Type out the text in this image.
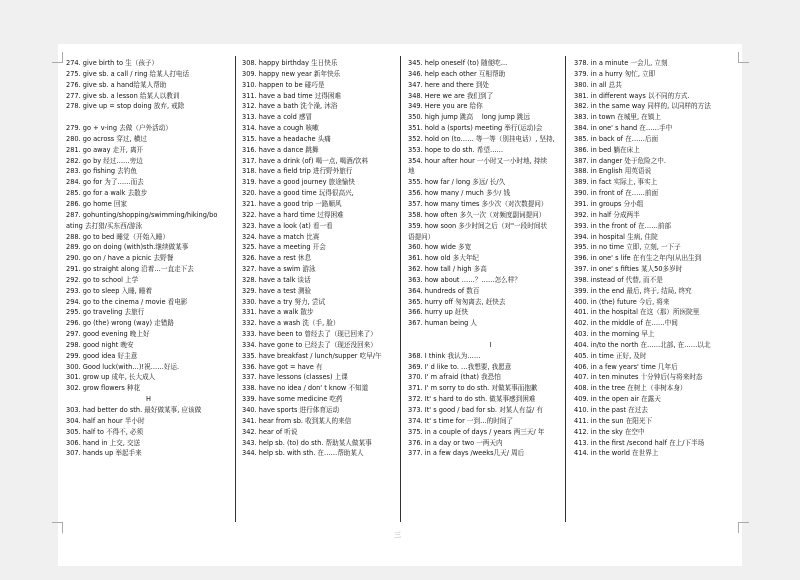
274. give birth to 生（孩子）
275. give sb. a call / ring 给某人打电话
276. give sb. a hand给某人帮助
277. give sb. a lesson 给某人以教训
278. give up = stop doing 放弃, 戒除
279. go + v-ing 去做（户外活动）
280. go across 穿过, 横过
281. go away 走开, 离开
282. go by 经过……旁边
283. go fishing 去钓鱼
284. go for 为了……而去
285. go for a walk 去散步
286. go home 回家
287. gohunting/shopping/swimming/hiking/bo
ating 去打猎/买东西/游泳
288. go to bed 睡觉（开始入睡）
289. go on doing (with)sth.继续做某事
290. go on / have a picnic 去野餐
291. go straight along 沿着…一直走下去
292. go to school 上学
293. go to sleep 入睡, 睡着
294. go to the cinema / movie 看电影
295. go traveling 去旅行
296. go (the) wrong (way) 走错路
297. good evening 晚上好
298. good night 晚安
299. good idea 好主意
300. Good luck(with…)!祝……好运.
301. grow up 成年, 长大成人
302. grow flowers 种花
H
303. had better do sth. 最好做某事, 应该做
304. half an hour 半小时
305. half to 不得不, 必须
306. hand in 上交, 交送
307. hands up 举起手来
308. happy birthday 生日快乐
309. happy new year 新年快乐
310. happen to be 碰巧是
311. have a bad time 过得困难
312. have a bath 洗个澡, 沐浴
313. have a cold 感冒
314. have a cough 咳嗽
315. have a headache 头痛
316. have a dance 跳舞
317. have a drink (of) 喝一点, 喝酒/饮料
318. have a field trip 进行野外旅行
319. have a good journey 旅途愉快
320. have a good time 玩得很高兴,
321. have a good trip 一路顺风
322. have a hard time 过得困难
323. have a look (at) 看一看
324. have a match 比赛
325. have a meeting 开会
326. have a rest 休息
327. have a swim 游泳
328. have a talk 谈话
329. have a test 测验
330. have a try 努力, 尝试
331. have a walk 散步
332. have a wash 洗（手, 脸）
333. have been to 曾经去了（现已回来了）
334. have gone to 已经去了（现还没回来）
335. have breakfast / lunch/supper 吃早/午
336. have got = have 有
337. have lessons (classes) 上课
338. have no idea / don' t know 不知道
339. have some medicine 吃药
340. have sports 进行体育运动
341. hear from sb. 收到某人的来信
342. hear of 听说
343. help sb. (to) do sth. 帮助某人做某事
344. help sb. with sth. 在……帮助某人
345. help oneself (to) 随便吃…
346. help each other 互相帮助
347. here and there 到处
348. Here we are 我们到了
349. Here you are 给你
350. high jump 跳高　 long jump 跳远
351. hold a (sports) meeting 举行(运动)会
352. hold on (to…… 等一等（别挂电话）, 坚持,
353. hope to do sth. 希望……
354. hour after hour 一小时又一小时地, 持续
地
355. how far / long 多远/ 长/久
356. how many / much 多少/ 钱
357. how many times 多少次（对次数提问）
358. how often 多久一次（对频度副词提问）
359. how soon 多少时间之后（对"一段时间状
语提问）
360. how wide 多宽
361. how old 多大年纪
362. how tall / high 多高
363. how about ……？……怎么样？
364. hundreds of 数百
365. hurry off 匆匆离去, 赶快去
366. hurry up 赶快
367. human being 人
I
368. I think 我认为……
369. I' d like to. …我想要, 我愿意
370. I' m afraid (that) 我恐怕
371. I' m sorry to do sth. 对做某事而抱歉
372. It' s hard to do sth. 做某事感到困难
373. It' s good / bad for sb. 对某人有益/ 有
374. It' s time for 一到…的时间了
375. in a couple of days / years 两三天/ 年
376. in a day or two 一两天内
377. in a few days /weeks几天/ 周后
378. in a minute 一会儿, 立刻
379. in a hurry 匆忙, 立即
380. in all 总共
381. in different ways 以不同的方式.
382. in the same way 同样的, 以同样的方法
383. in town 在城里, 在镇上
384. in one' s hand 在……手中
385. in back of 在……后面
386. in bed 躺在床上
387. in danger 处于危险之中.
388. in English 用英语说
389. in fact 实际上, 事实上
390. in front of 在……前面
391. in groups 分小组
392. in half 分成两半
393. in the front of 在……前部
394. in hospital 生病, 住院
395. in no time 立即, 立刻, 一下子
396. in one' s life 在有生之年内(从出生到
397. in one' s fifties 某人50多岁时
398. instead of 代替, 而不是
399. in the end 最后, 终于, 结局, 终究
400. in (the) future 今后, 将来
401. in the hospital 在这（那）所医院里
402. in the middle of 在……中间
403. in the morning 早上
404. in/to the north 在……北部, 在……以北
405. in time 正好, 及时
406. in a few years' time 几年后
407. in ten minutes 十分钟后(与将来时态
408. in the tree 在树上（非树本身）
409. in the open air 在露天
410. in the past 在过去
411. in the sun 在阳光下
412. in the sky 在空中
413. in the first /second half 在上/下半场
414. in the world 在世界上
三
